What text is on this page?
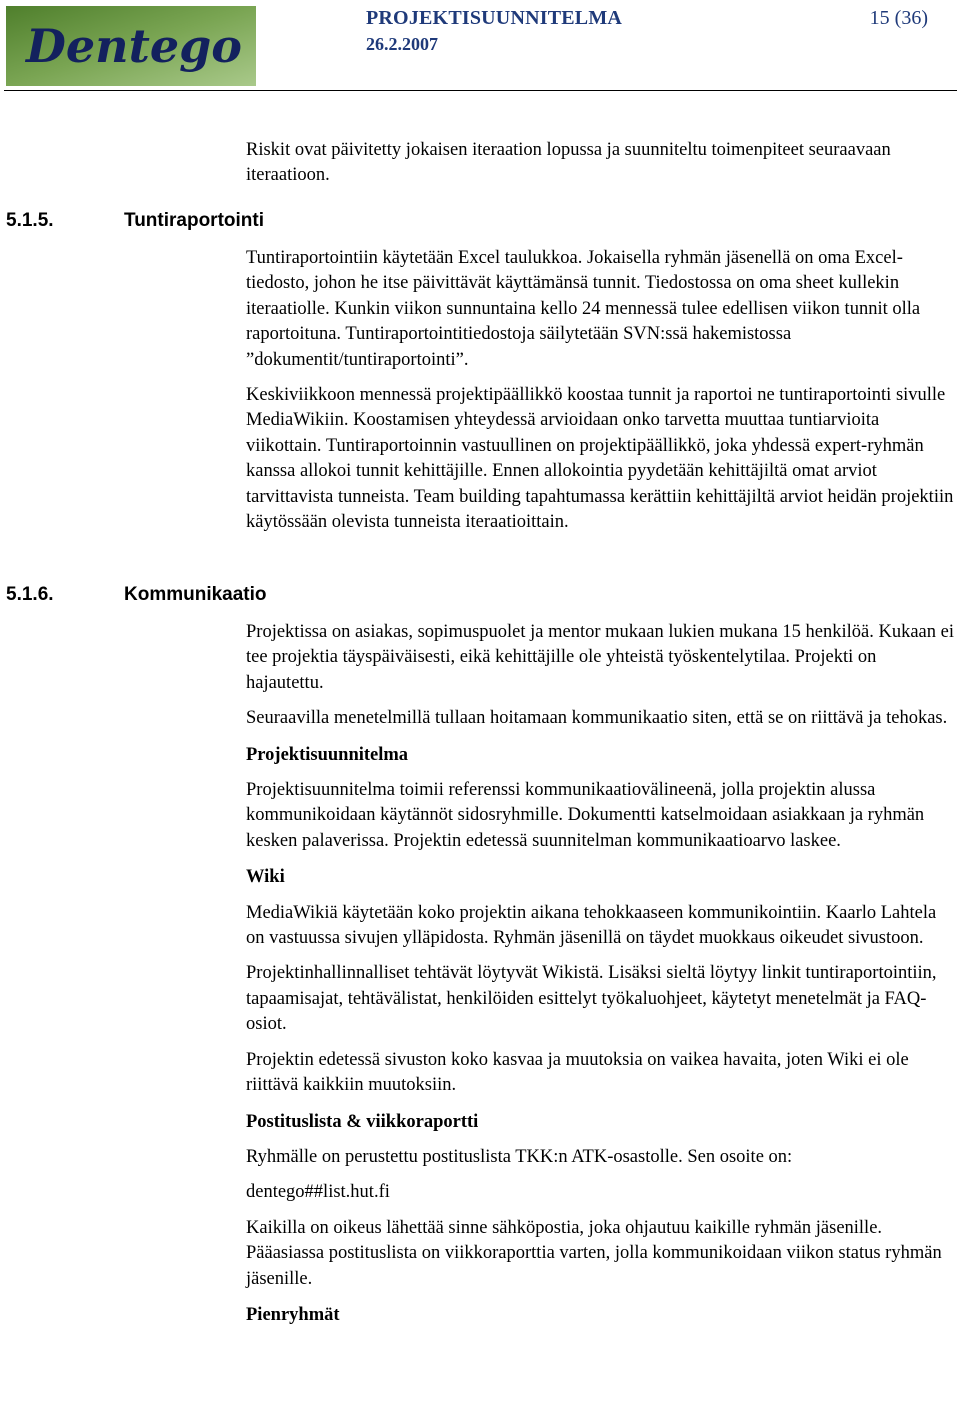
Dentego
PROJEKTISUUNNITELMA
26.2.2007
15 (36)

Riskit ovat päivitetty jokaisen iteraation lopussa ja suunniteltu toimenpiteet seuraavaan iteraatioon.

5.1.5.	Tuntiraportointi

Tuntiraportointiin käytetään Excel taulukkoa. Jokaisella ryhmän jäsenellä on oma Excel-tiedosto, johon he itse päivittävät käyttämänsä tunnit. Tiedostossa on oma sheet kullekin iteraatiolle. Kunkin viikon sunnuntaina kello 24 mennessä tulee edellisen viikon tunnit olla raportoituna. Tuntiraportointitiedostoja säilytetään SVN:ssä hakemistossa ”dokumentit/tuntiraportointi”.

Keskiviikkoon mennessä projektipäällikkö koostaa tunnit ja raportoi ne tuntiraportointi sivulle MediaWikiin. Koostamisen yhteydessä arvioidaan onko tarvetta muuttaa tuntiarvioita viikottain. Tuntiraportoinnin vastuullinen on projektipäällikkö, joka yhdessä expert-ryhmän kanssa allokoi tunnit kehittäjille. Ennen allokointia pyydetään kehittäjiltä omat arviot tarvittavista tunneista. Team building tapahtumassa kerättiin kehittäjiltä arviot heidän projektiin käytössään olevista tunneista iteraatioittain.

5.1.6.	Kommunikaatio

Projektissa on asiakas, sopimuspuolet ja mentor mukaan lukien mukana 15 henkilöä. Kukaan ei tee projektia täyspäiväisesti, eikä kehittäjille ole yhteistä työskentelytilaa. Projekti on hajautettu.

Seuraavilla menetelmillä tullaan hoitamaan kommunikaatio siten, että se on riittävä ja tehokas.

Projektisuunnitelma

Projektisuunnitelma toimii referenssi kommunikaatiovälineenä, jolla projektin alussa kommunikoidaan käytännöt sidosryhmille. Dokumentti katselmoidaan asiakkaan ja ryhmän kesken palaverissa. Projektin edetessä suunnitelman kommunikaatioarvo laskee.

Wiki

MediaWikiä käytetään koko projektin aikana tehokkaaseen kommunikointiin. Kaarlo Lahtela on vastuussa sivujen ylläpidosta. Ryhmän jäsenillä on täydet muokkaus oikeudet sivustoon.

Projektinhallinnalliset tehtävät löytyvät Wikistä. Lisäksi sieltä löytyy linkit tuntiraportointiin, tapaamisajat, tehtävälistat, henkilöiden esittelyt työkaluohjeet, käytetyt menetelmät ja FAQ-osiot.

Projektin edetessä sivuston koko kasvaa ja muutoksia on vaikea havaita, joten Wiki ei ole riittävä kaikkiin muutoksiin.

Postituslista & viikkoraportti

Ryhmälle on perustettu postituslista TKK:n ATK-osastolle. Sen osoite on:

dentego##list.hut.fi

Kaikilla on oikeus lähettää sinne sähköpostia, joka ohjautuu kaikille ryhmän jäsenille. Pääasiassa postituslista on viikkoraporttia varten, jolla kommunikoidaan viikon status ryhmän jäsenille.

Pienryhmät
